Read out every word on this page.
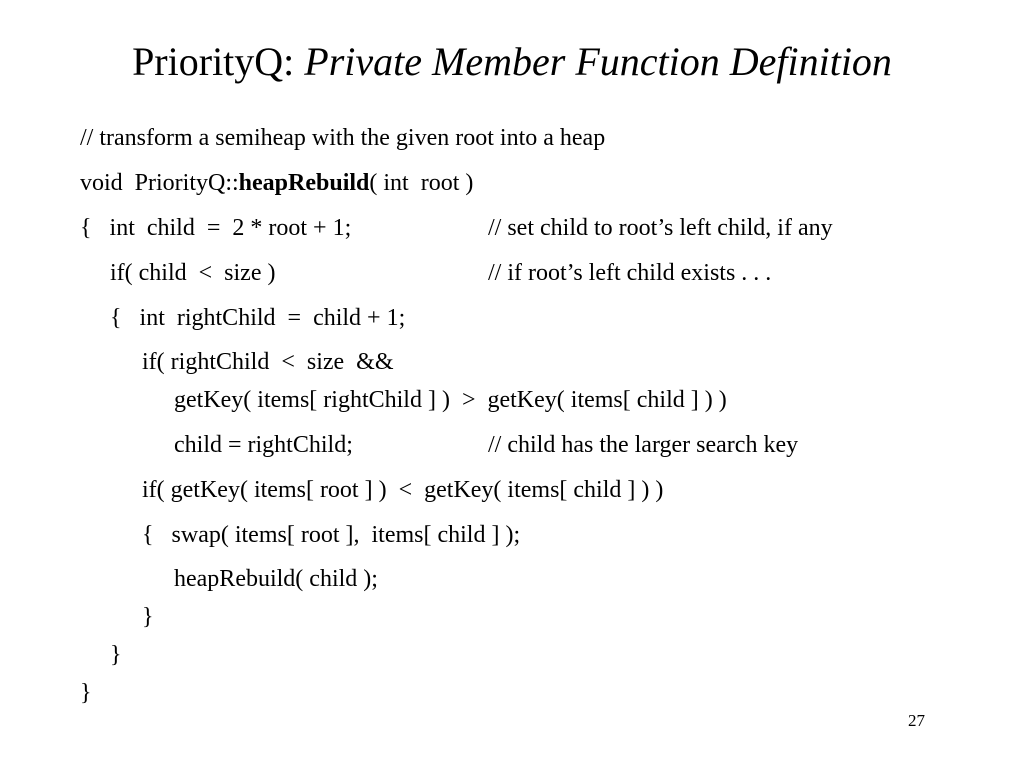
PriorityQ: Private Member Function Definition
// transform a semiheap with the given root into a heap
void  PriorityQ::heapRebuild( int  root )
{   int  child  =  2 * root + 1;	// set child to root’s left child, if any
if( child  <  size )	// if root’s left child exists . . .
{   int  rightChild  =  child + 1;
if( rightChild  <  size  &&
getKey( items[ rightChild ] )  >  getKey( items[ child ] ) )
child = rightChild;	// child has the larger search key
if( getKey( items[ root ] )  <  getKey( items[ child ] ) )
{   swap( items[ root ],  items[ child ] );
heapRebuild( child );
}
}
}
27
